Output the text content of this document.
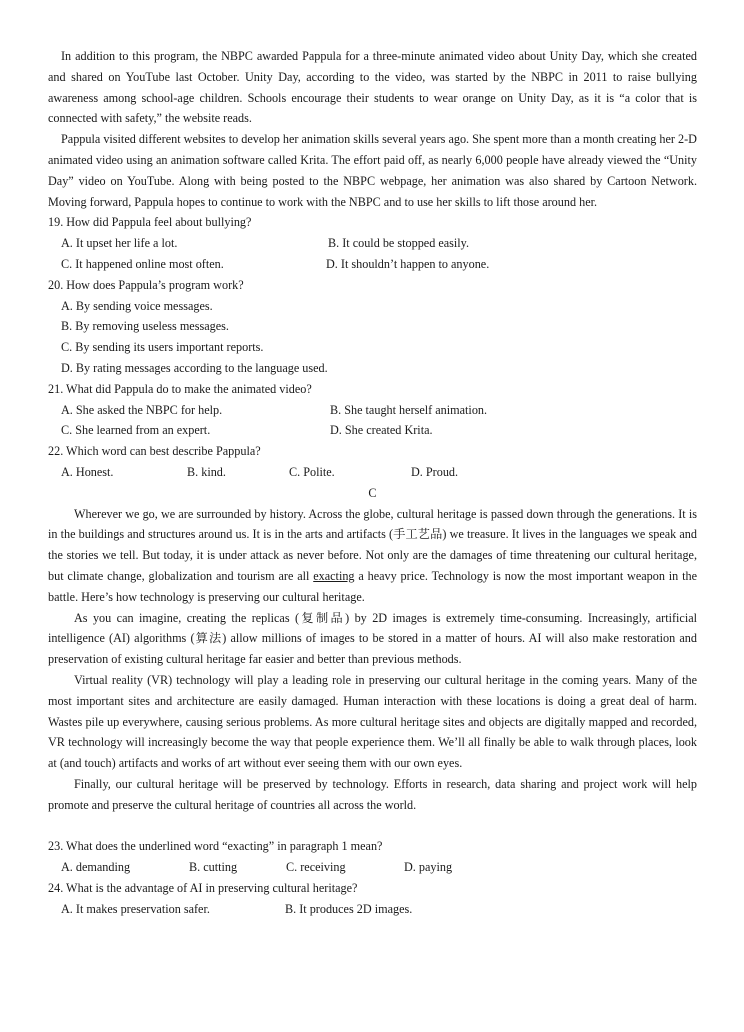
In addition to this program, the NBPC awarded Pappula for a three-minute animated video about Unity Day, which she created and shared on YouTube last October. Unity Day, according to the video, was started by the NBPC in 2011 to raise bullying awareness among school-age children. Schools encourage their students to wear orange on Unity Day, as it is “a color that is connected with safety,” the website reads.

Pappula visited different websites to develop her animation skills several years ago. She spent more than a month creating her 2-D animated video using an animation software called Krita. The effort paid off, as nearly 6,000 people have already viewed the “Unity Day” video on YouTube. Along with being posted to the NBPC webpage, her animation was also shared by Cartoon Network. Moving forward, Pappula hopes to continue to work with the NBPC and to use her skills to lift those around her.

19. How did Pappula feel about bullying?
A. It upset her life a lot.	B. It could be stopped easily.
C. It happened online most often.	D. It shouldn’t happen to anyone.
20. How does Pappula’s program work?
A. By sending voice messages.
B. By removing useless messages.
C. By sending its users important reports.
D. By rating messages according to the language used.
21. What did Pappula do to make the animated video?
A. She asked the NBPC for help.	B. She taught herself animation.
C. She learned from an expert.	D. She created Krita.
22. Which word can best describe Pappula?
A. Honest.	B. kind.	C. Polite.	D. Proud.
C

Wherever we go, we are surrounded by history. Across the globe, cultural heritage is passed down through the generations. It is in the buildings and structures around us. It is in the arts and artifacts (手工艺品) we treasure. It lives in the languages we speak and the stories we tell. But today, it is under attack as never before. Not only are the damages of time threatening our cultural heritage, but climate change, globalization and tourism are all exacting a heavy price. Technology is now the most important weapon in the battle. Here’s how technology is preserving our cultural heritage.

As you can imagine, creating the replicas (复制品) by 2D images is extremely time-consuming. Increasingly, artificial intelligence (AI) algorithms (算法) allow millions of images to be stored in a matter of hours. AI will also make restoration and preservation of existing cultural heritage far easier and better than previous methods.

Virtual reality (VR) technology will play a leading role in preserving our cultural heritage in the coming years. Many of the most important sites and architecture are easily damaged. Human interaction with these locations is doing a great deal of harm. Wastes pile up everywhere, causing serious problems. As more cultural heritage sites and objects are digitally mapped and recorded, VR technology will increasingly become the way that people experience them. We’ll all finally be able to walk through places, look at (and touch) artifacts and works of art without ever seeing them with our own eyes.

Finally, our cultural heritage will be preserved by technology. Efforts in research, data sharing and project work will help promote and preserve the cultural heritage of countries all across the world.

23. What does the underlined word “exacting” in paragraph 1 mean?
A. demanding	B. cutting	C. receiving	D. paying
24. What is the advantage of AI in preserving cultural heritage?
A. It makes preservation safer.	B. It produces 2D images.
